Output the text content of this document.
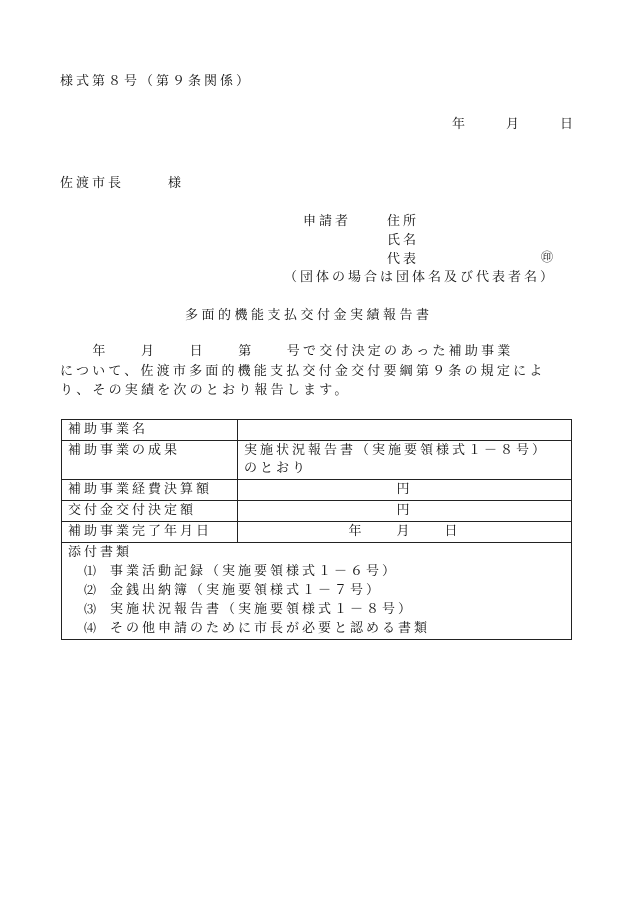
様式第８号（第９条関係）
年	月	日
佐渡市長	様
申請者	住所
氏名
代表	㊞
（団体の場合は団体名及び代表者名）
多面的機能支払交付金実績報告書
　　年　　月　　日　　第　　号で交付決定のあった補助事業
について、佐渡市多面的機能支払交付金交付要綱第９条の規定によ
り、その実績を次のとおり報告します。
補助事業名	
補助事業の成果	実施状況報告書（実施要領様式１－８号）
のとおり

補助事業経費決算額	円
交付金交付決定額	円
補助事業完了年月日	年　　月　　日

添付書類
⑴ 事業活動記録（実施要領様式１－６号）
⑵ 金銭出納簿（実施要領様式１－７号）
⑶ 実施状況報告書（実施要領様式１－８号）
⑷ その他申請のために市長が必要と認める書類	
